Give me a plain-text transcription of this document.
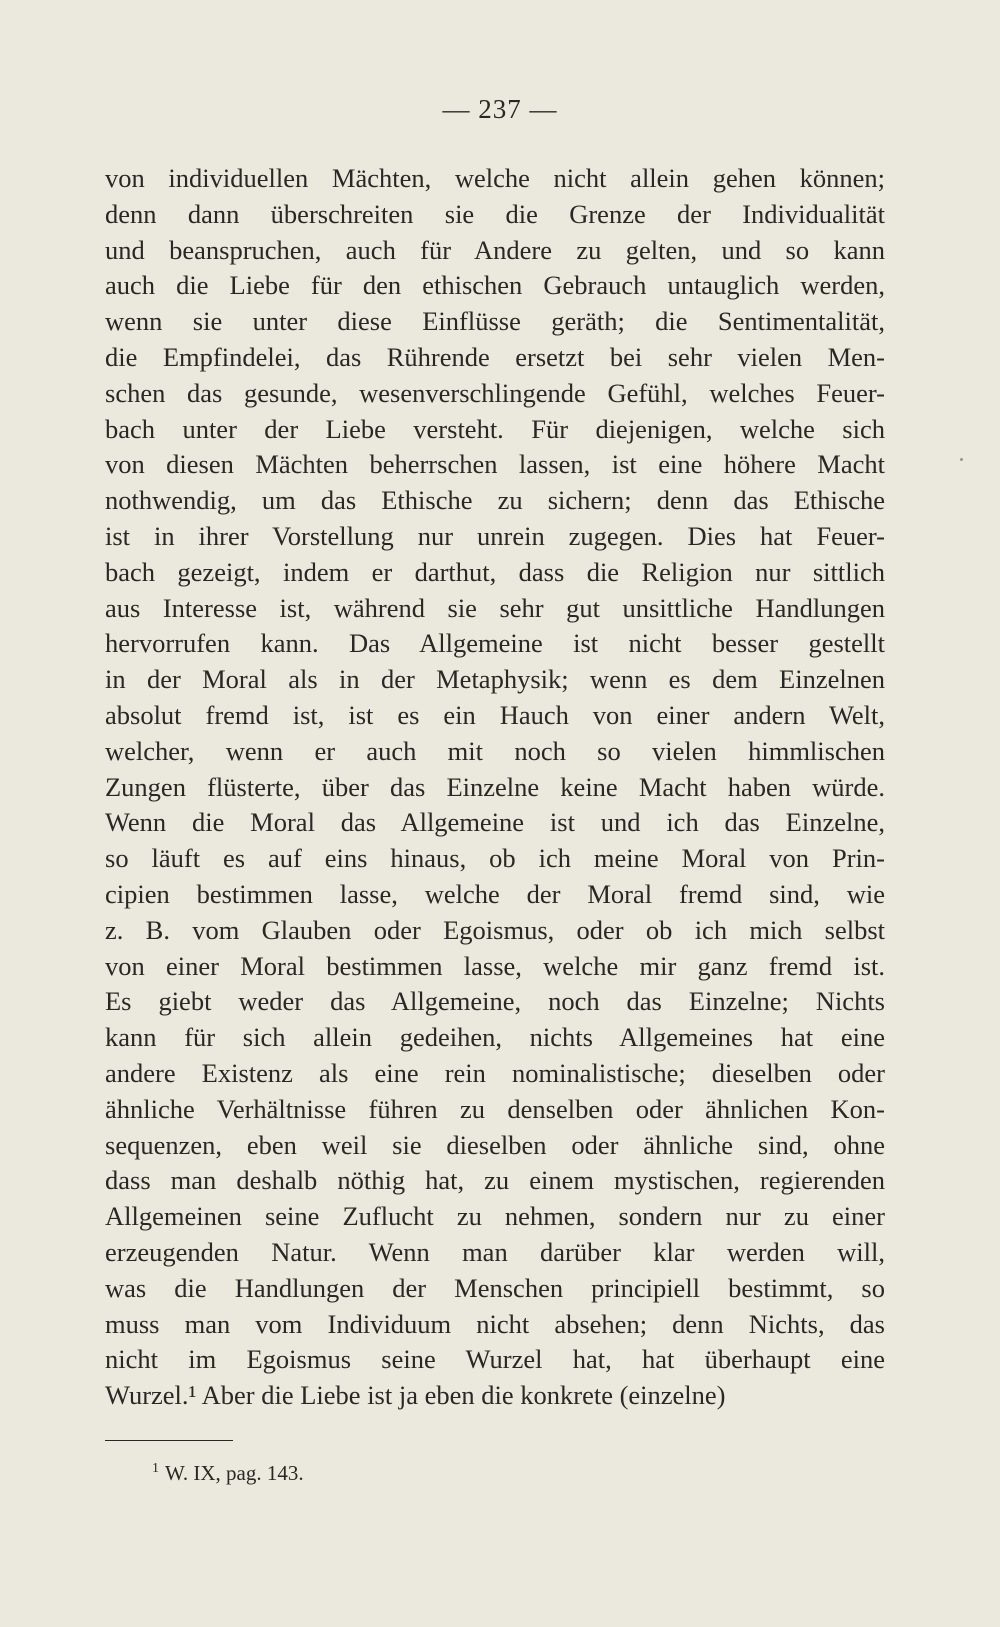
— 237 —
von individuellen Mächten, welche nicht allein gehen können;
denn dann überschreiten sie die Grenze der Individualität
und beanspruchen, auch für Andere zu gelten, und so kann
auch die Liebe für den ethischen Gebrauch untauglich werden,
wenn sie unter diese Einflüsse geräth; die Sentimentalität,
die Empfindelei, das Rührende ersetzt bei sehr vielen Men-
schen das gesunde, wesenverschlingende Gefühl, welches Feuer-
bach unter der Liebe versteht. Für diejenigen, welche sich
von diesen Mächten beherrschen lassen, ist eine höhere Macht
nothwendig, um das Ethische zu sichern; denn das Ethische
ist in ihrer Vorstellung nur unrein zugegen. Dies hat Feuer-
bach gezeigt, indem er darthut, dass die Religion nur sittlich
aus Interesse ist, während sie sehr gut unsittliche Handlungen
hervorrufen kann. Das Allgemeine ist nicht besser gestellt
in der Moral als in der Metaphysik; wenn es dem Einzelnen
absolut fremd ist, ist es ein Hauch von einer andern Welt,
welcher, wenn er auch mit noch so vielen himmlischen
Zungen flüsterte, über das Einzelne keine Macht haben würde.
Wenn die Moral das Allgemeine ist und ich das Einzelne,
so läuft es auf eins hinaus, ob ich meine Moral von Prin-
cipien bestimmen lasse, welche der Moral fremd sind, wie
z. B. vom Glauben oder Egoismus, oder ob ich mich selbst
von einer Moral bestimmen lasse, welche mir ganz fremd ist.
Es giebt weder das Allgemeine, noch das Einzelne; Nichts
kann für sich allein gedeihen, nichts Allgemeines hat eine
andere Existenz als eine rein nominalistische; dieselben oder
ähnliche Verhältnisse führen zu denselben oder ähnlichen Kon-
sequenzen, eben weil sie dieselben oder ähnliche sind, ohne
dass man deshalb nöthig hat, zu einem mystischen, regierenden
Allgemeinen seine Zuflucht zu nehmen, sondern nur zu einer
erzeugenden Natur. Wenn man darüber klar werden will,
was die Handlungen der Menschen principiell bestimmt, so
muss man vom Individuum nicht absehen; denn Nichts, das
nicht im Egoismus seine Wurzel hat, hat überhaupt eine
Wurzel.¹ Aber die Liebe ist ja eben die konkrete (einzelne)
$^1$ W. IX, pag. 143.
